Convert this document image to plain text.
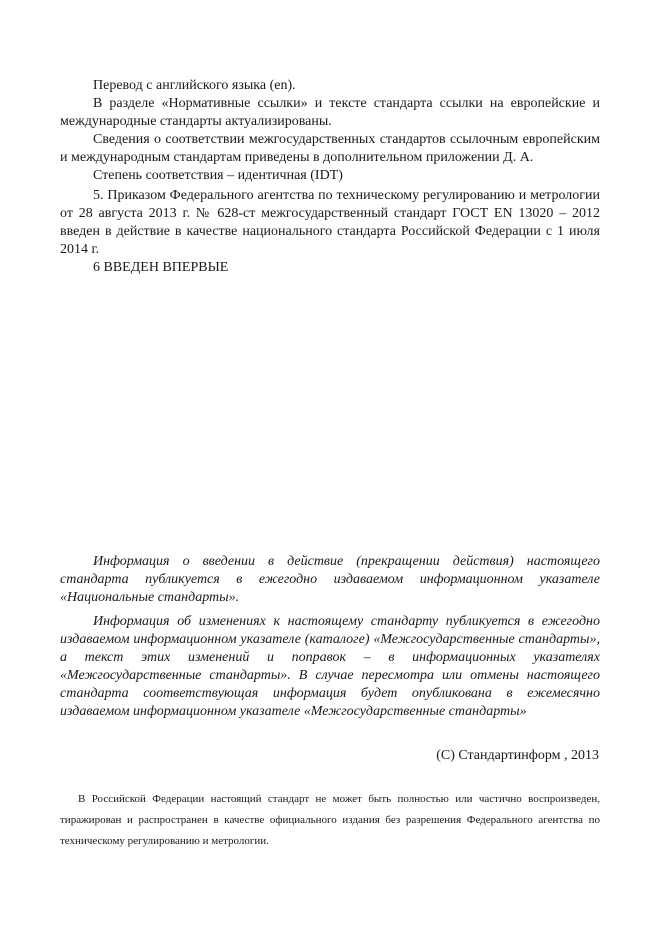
Перевод с английского языка (en).

В разделе «Нормативные ссылки» и тексте стандарта ссылки на европейские и международные стандарты актуализированы.

Сведения о соответствии межгосударственных стандартов ссылочным европейским и международным стандартам приведены в дополнительном приложении Д. А.

Степень соответствия – идентичная (IDT)

5. Приказом Федерального агентства по техническому регулированию и метрологии от 28 августа 2013 г. № 628-ст межгосударственный стандарт ГОСТ EN 13020 – 2012 введен в действие в качестве национального стандарта Российской Федерации с 1 июля 2014 г.

6 ВВЕДЕН ВПЕРВЫЕ

Информация о введении в действие (прекращении действия) настоящего стандарта публикуется в ежегодно издаваемом информационном указателе «Национальные стандарты».

Информация об изменениях к настоящему стандарту публикуется в ежегодно издаваемом информационном указателе (каталоге) «Межгосударственные стандарты», а текст этих изменений и поправок – в информационных указателях «Межгосударственные стандарты». В случае пересмотра или отмены настоящего стандарта соответствующая информация будет опубликована в ежемесячно издаваемом информационном указателе «Межгосударственные стандарты»

(С) Стандартинформ , 2013

В Российской Федерации настоящий стандарт не может быть полностью или частично воспроизведен, тиражирован и распространен в качестве официального издания без разрешения Федерального агентства по техническому регулированию и метрологии.
